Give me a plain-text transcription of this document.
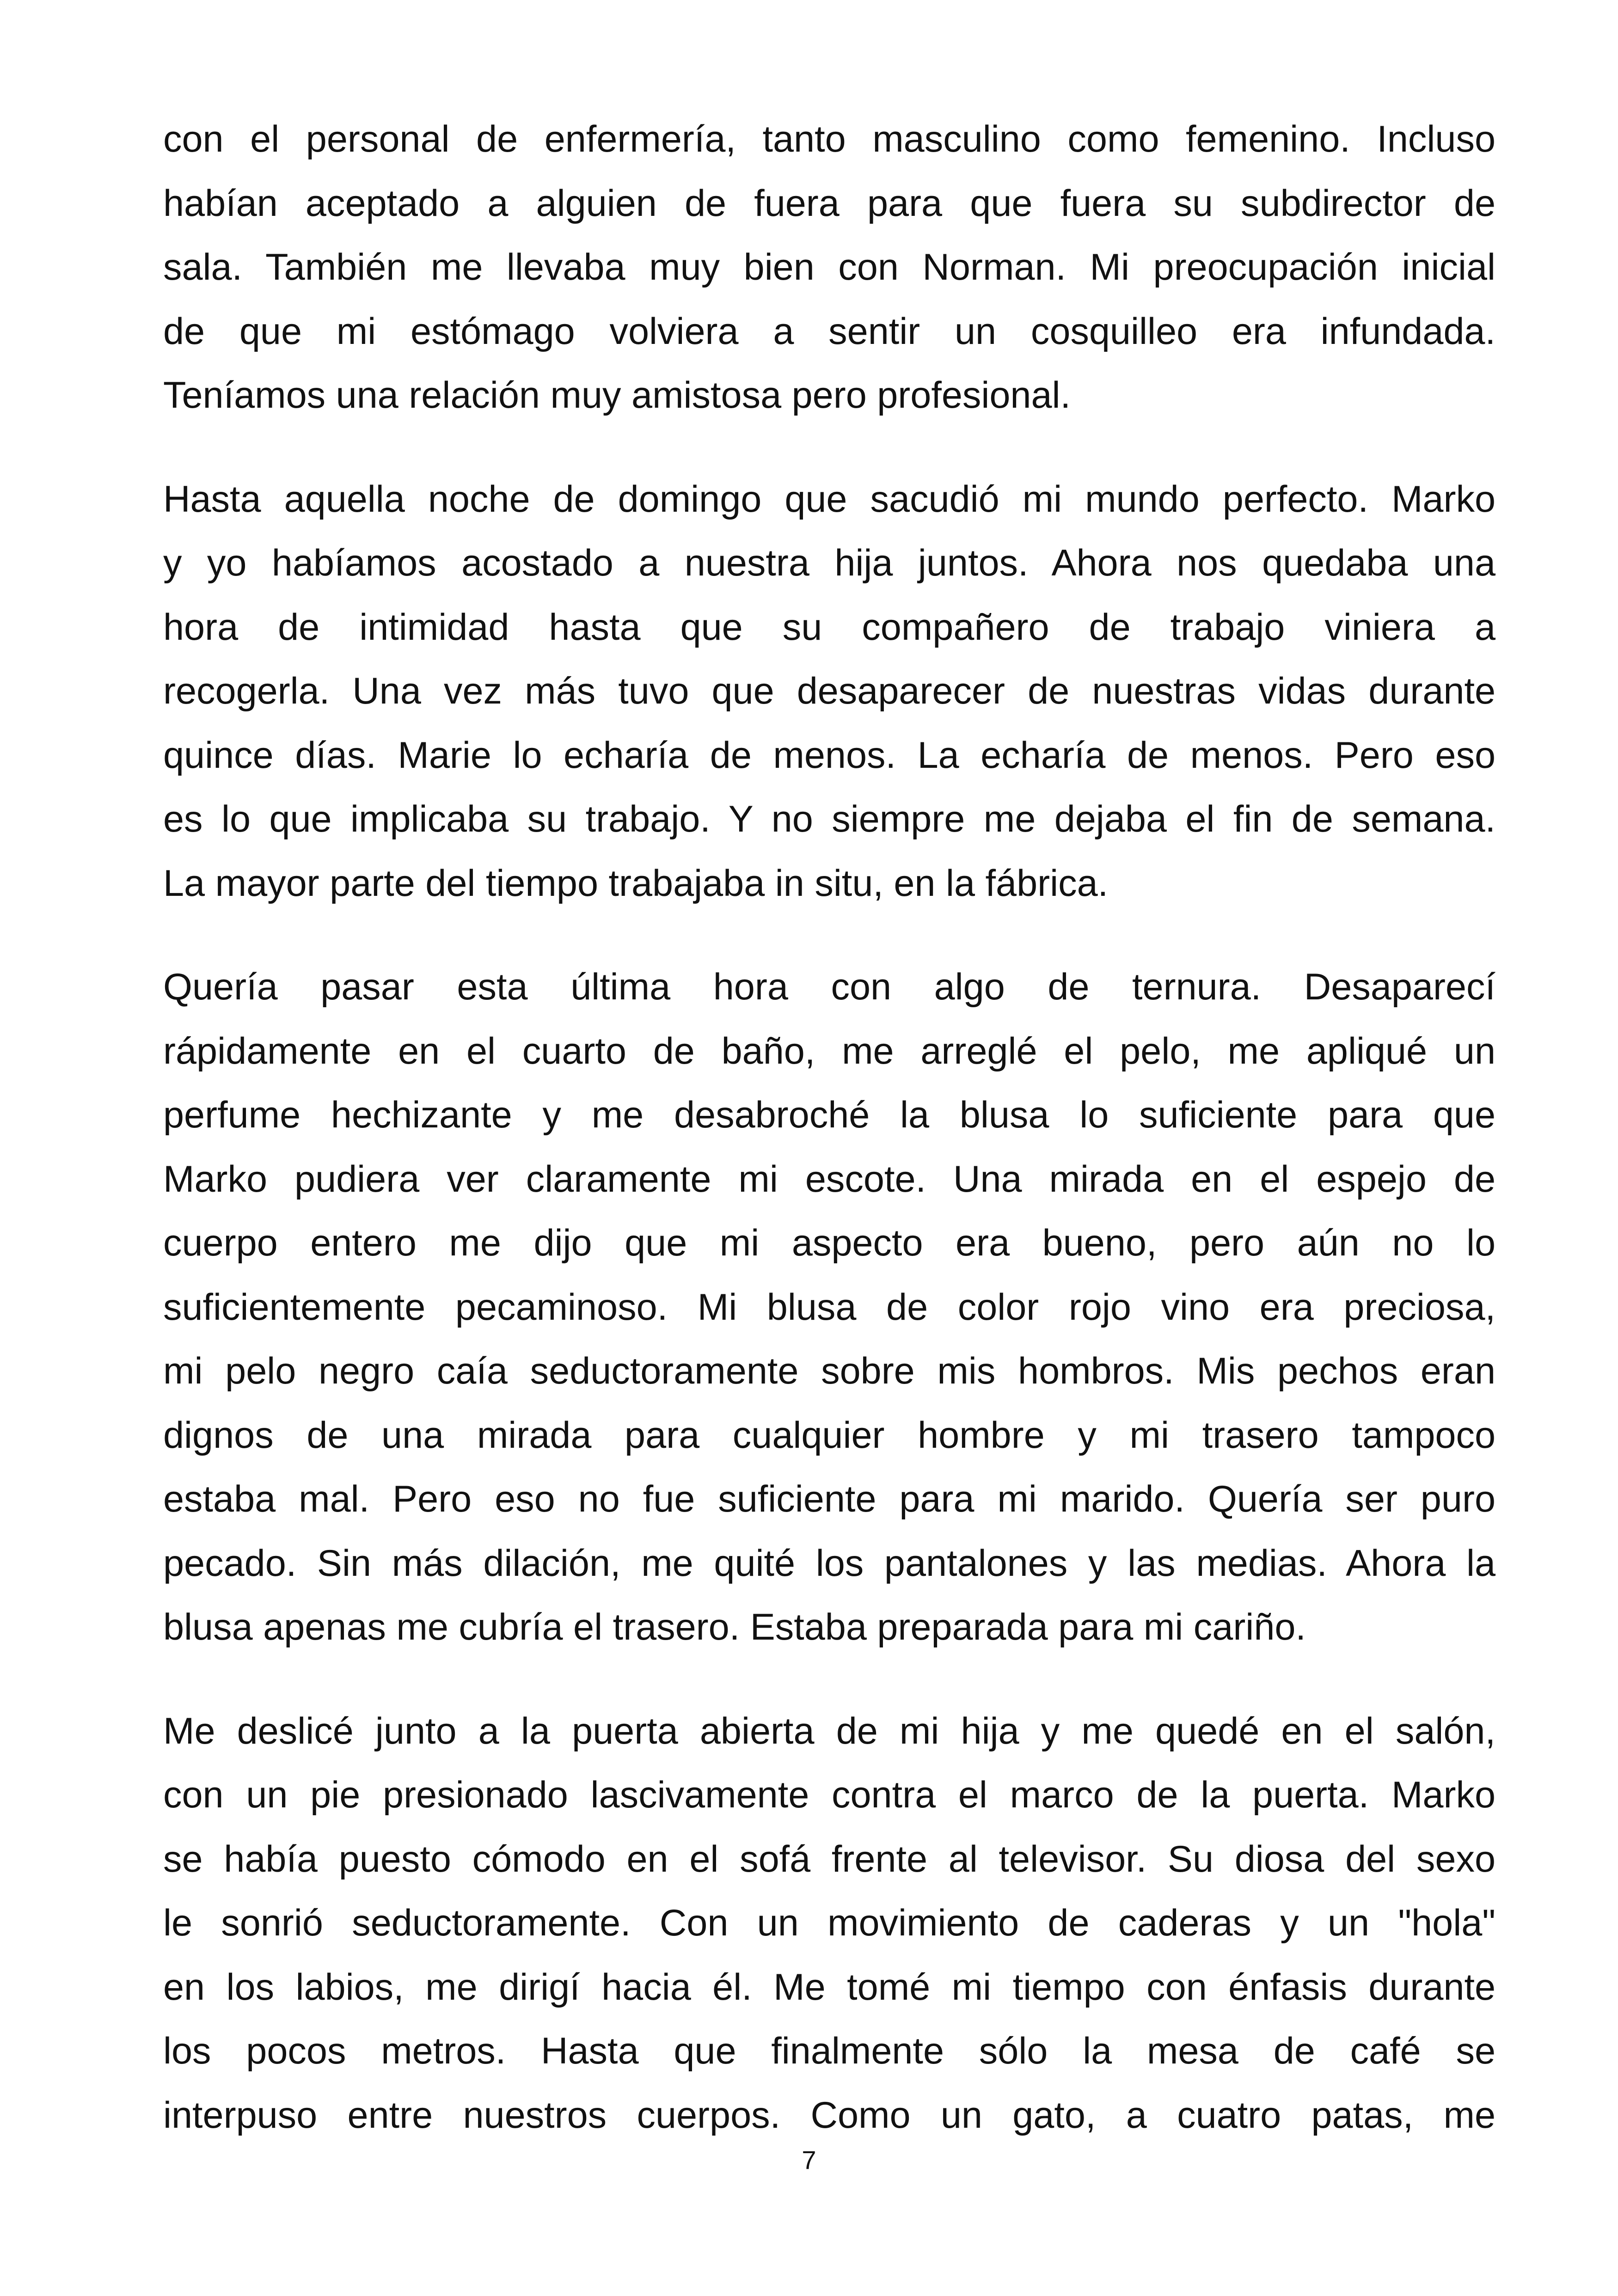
con el personal de enfermería, tanto masculino como femenino. Incluso
habían aceptado a alguien de fuera para que fuera su subdirector de
sala. También me llevaba muy bien con Norman. Mi preocupación inicial
de que mi estómago volviera a sentir un cosquilleo era infundada.
Teníamos una relación muy amistosa pero profesional.

Hasta aquella noche de domingo que sacudió mi mundo perfecto. Marko
y yo habíamos acostado a nuestra hija juntos. Ahora nos quedaba una
hora de intimidad hasta que su compañero de trabajo viniera a
recogerla. Una vez más tuvo que desaparecer de nuestras vidas durante
quince días. Marie lo echaría de menos. La echaría de menos. Pero eso
es lo que implicaba su trabajo. Y no siempre me dejaba el fin de semana.
La mayor parte del tiempo trabajaba in situ, en la fábrica.

Quería pasar esta última hora con algo de ternura. Desaparecí
rápidamente en el cuarto de baño, me arreglé el pelo, me apliqué un
perfume hechizante y me desabroché la blusa lo suficiente para que
Marko pudiera ver claramente mi escote. Una mirada en el espejo de
cuerpo entero me dijo que mi aspecto era bueno, pero aún no lo
suficientemente pecaminoso. Mi blusa de color rojo vino era preciosa,
mi pelo negro caía seductoramente sobre mis hombros. Mis pechos eran
dignos de una mirada para cualquier hombre y mi trasero tampoco
estaba mal. Pero eso no fue suficiente para mi marido. Quería ser puro
pecado. Sin más dilación, me quité los pantalones y las medias. Ahora la
blusa apenas me cubría el trasero. Estaba preparada para mi cariño.

Me deslicé junto a la puerta abierta de mi hija y me quedé en el salón,
con un pie presionado lascivamente contra el marco de la puerta. Marko
se había puesto cómodo en el sofá frente al televisor. Su diosa del sexo
le sonrió seductoramente. Con un movimiento de caderas y un "hola"
en los labios, me dirigí hacia él. Me tomé mi tiempo con énfasis durante
los pocos metros. Hasta que finalmente sólo la mesa de café se
interpuso entre nuestros cuerpos. Como un gato, a cuatro patas, me

7
